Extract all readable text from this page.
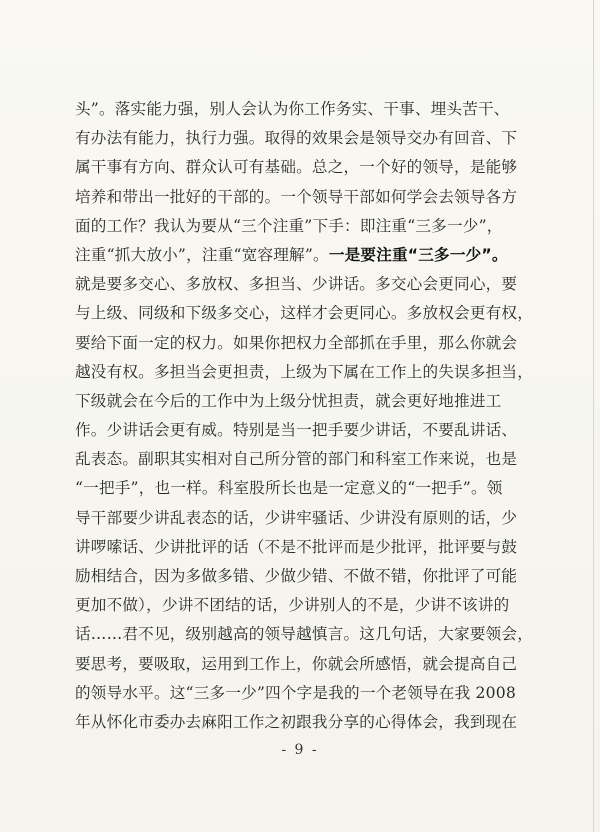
头”。落实能力强，别人会认为你工作务实、干事、埋头苦干、
有办法有能力，执行力强。取得的效果会是领导交办有回音、下
属干事有方向、群众认可有基础。总之，一个好的领导，是能够
培养和带出一批好的干部的。一个领导干部如何学会去领导各方
面的工作？我认为要从“三个注重”下手：即注重“三多一少”，
注重“抓大放小”，注重“宽容理解”。一是要注重“三多一少”。
就是要多交心、多放权、多担当、少讲话。多交心会更同心，要
与上级、同级和下级多交心，这样才会更同心。多放权会更有权，
要给下面一定的权力。如果你把权力全部抓在手里，那么你就会
越没有权。多担当会更担责，上级为下属在工作上的失误多担当，
下级就会在今后的工作中为上级分忧担责，就会更好地推进工
作。少讲话会更有威。特别是当一把手要少讲话，不要乱讲话、
乱表态。副职其实相对自己所分管的部门和科室工作来说，也是
“一把手”，也一样。科室股所长也是一定意义的“一把手”。领
导干部要少讲乱表态的话，少讲牢骚话、少讲没有原则的话，少
讲啰嗦话、少讲批评的话（不是不批评而是少批评，批评要与鼓
励相结合，因为多做多错、少做少错、不做不错，你批评了可能
更加不做），少讲不团结的话，少讲别人的不是，少讲不该讲的
话……君不见，级别越高的领导越慎言。这几句话，大家要领会，
要思考，要吸取，运用到工作上，你就会所感悟，就会提高自己
的领导水平。这“三多一少”四个字是我的一个老领导在我 2008
年从怀化市委办去麻阳工作之初跟我分享的心得体会，我到现在
- 9 -
